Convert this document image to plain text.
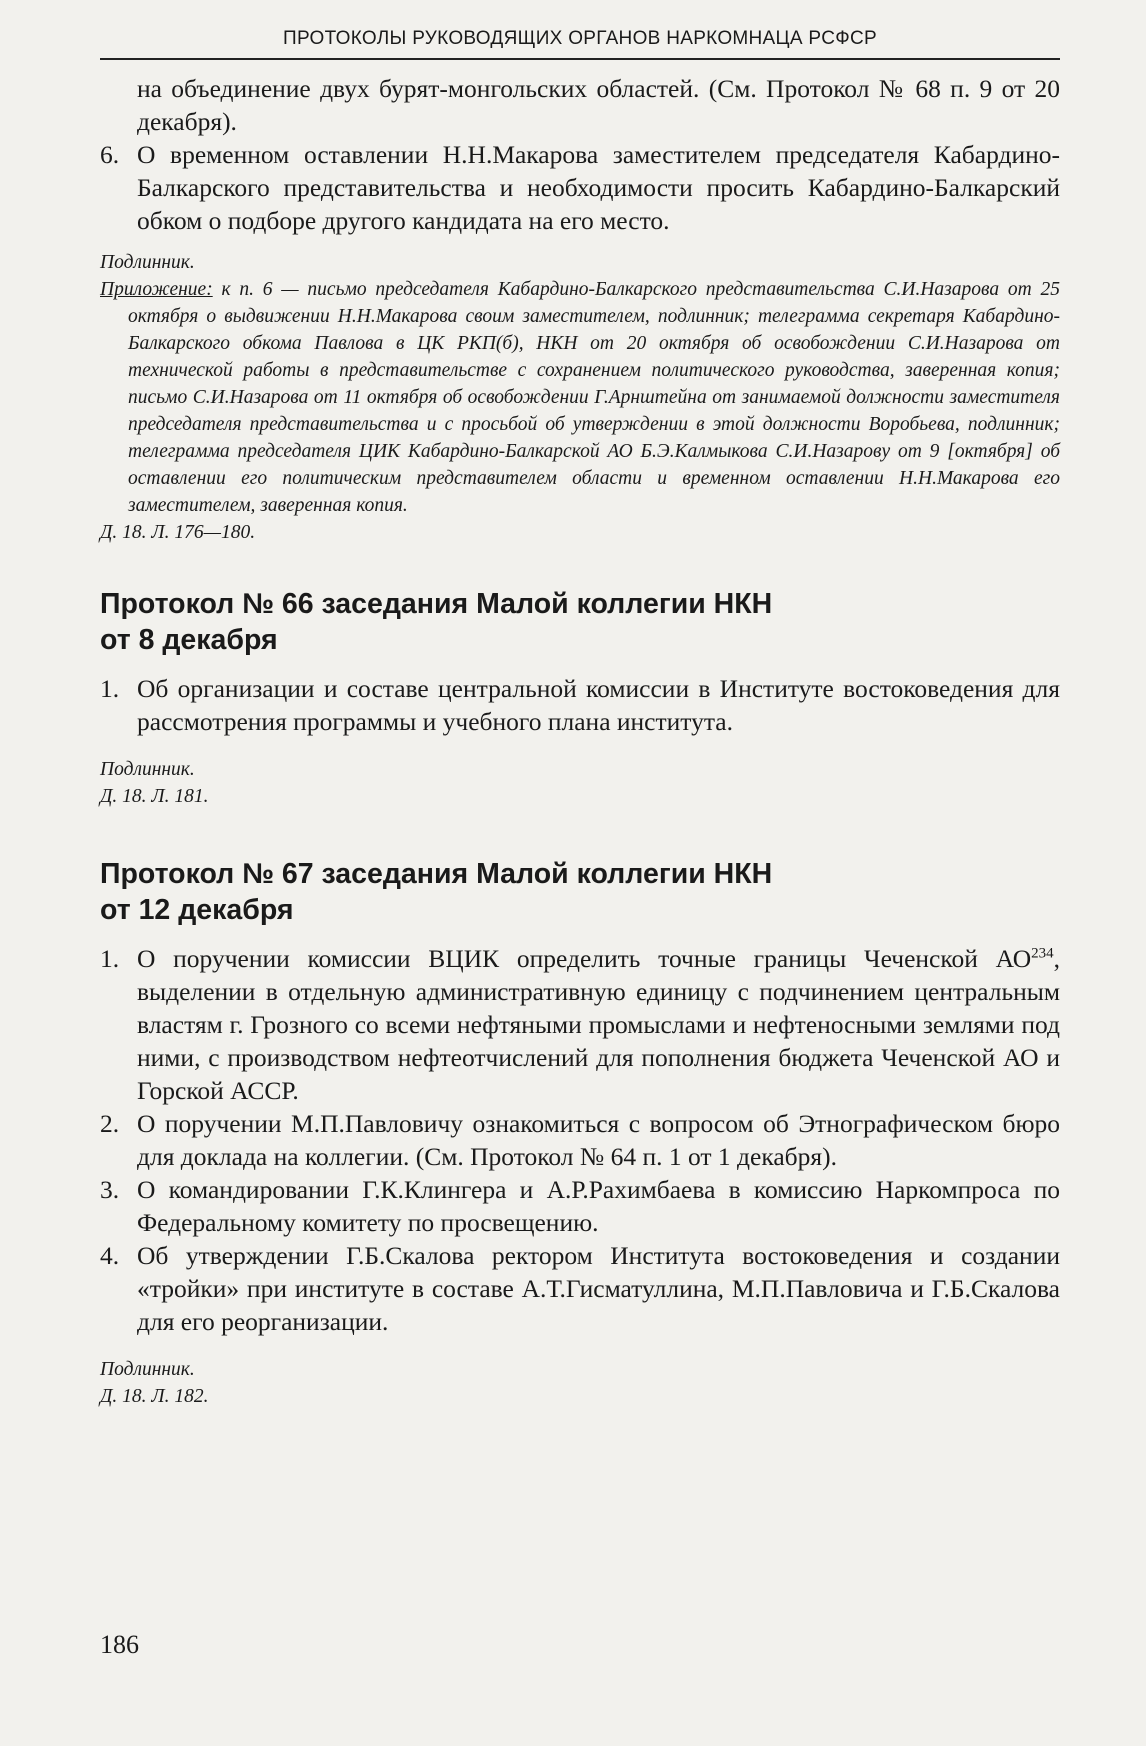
ПРОТОКОЛЫ РУКОВОДЯЩИХ ОРГАНОВ НАРКОМНАЦА РСФСР

на объединение двух бурят-монгольских областей. (См. Протокол № 68 п. 9 от 20 декабря).

6. О временном оставлении Н.Н.Макарова заместителем председателя Кабардино-Балкарского представительства и необходимости просить Кабардино-Балкарский обком о подборе другого кандидата на его место.

Подлинник.

Приложение: к п. 6 — письмо председателя Кабардино-Балкарского представительства С.И.Назарова от 25 октября о выдвижении Н.Н.Макарова своим заместителем, подлинник; телеграмма секретаря Кабардино-Балкарского обкома Павлова в ЦК РКП(б), НКН от 20 октября об освобождении С.И.Назарова от технической работы в представительстве с сохранением политического руководства, заверенная копия; письмо С.И.Назарова от 11 октября об освобождении Г.Арнштейна от занимаемой должности заместителя председателя представительства и с просьбой об утверждении в этой должности Воробьева, подлинник; телеграмма председателя ЦИК Кабардино-Балкарской АО Б.Э.Калмыкова С.И.Назарову от 9 [октября] об оставлении его политическим представителем области и временном оставлении Н.Н.Макарова его заместителем, заверенная копия.

Д. 18. Л. 176—180.

Протокол № 66 заседания Малой коллегии НКН

от 8 декабря

1. Об организации и составе центральной комиссии в Институте востоковедения для рассмотрения программы и учебного плана института.

Подлинник.

Д. 18. Л. 181.

Протокол № 67 заседания Малой коллегии НКН

от 12 декабря

1. О поручении комиссии ВЦИК определить точные границы Чеченской АО$^{234}$, выделении в отдельную административную единицу с подчинением центральным властям г. Грозного со всеми нефтяными промыслами и нефтеносными землями под ними, с производством нефтеотчислений для пополнения бюджета Чеченской АО и Горской АССР.

2. О поручении М.П.Павловичу ознакомиться с вопросом об Этнографическом бюро для доклада на коллегии. (См. Протокол № 64 п. 1 от 1 декабря).

3. О командировании Г.К.Клингера и А.Р.Рахимбаева в комиссию Наркомпроса по Федеральному комитету по просвещению.

4. Об утверждении Г.Б.Скалова ректором Института востоковедения и создании «тройки» при институте в составе А.Т.Гисматуллина, М.П.Павловича и Г.Б.Скалова для его реорганизации.

Подлинник.

Д. 18. Л. 182.

186
